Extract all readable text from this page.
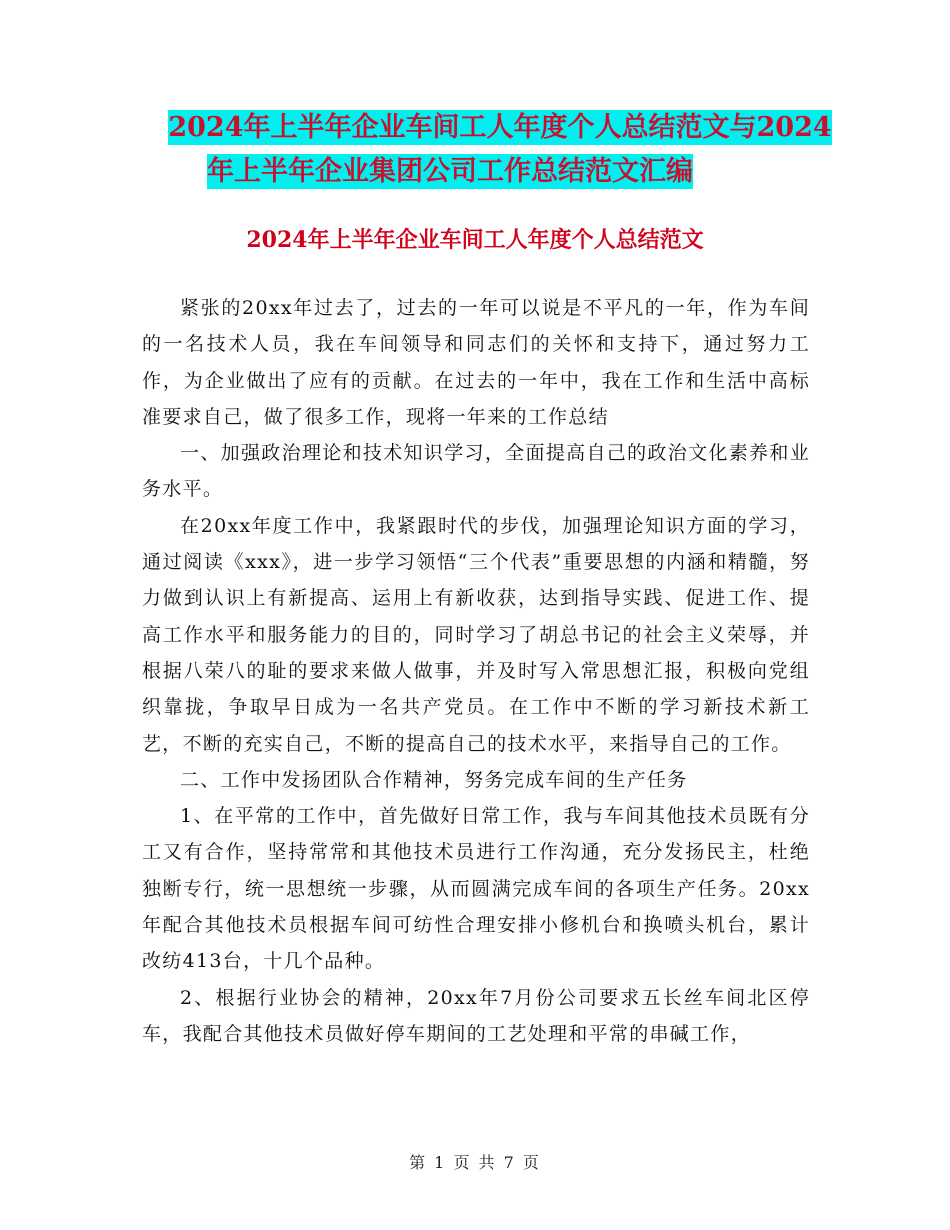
2024年上半年企业车间工人年度个人总结范文与2024
年上半年企业集团公司工作总结范文汇编
2024年上半年企业车间工人年度个人总结范文

紧张的20xx年过去了，过去的一年可以说是不平凡的一年，作为车间的一名技术人员，我在车间领导和同志们的关怀和支持下，通过努力工作，为企业做出了应有的贡献。在过去的一年中，我在工作和生活中高标准要求自己，做了很多工作，现将一年来的工作总结

一、加强政治理论和技术知识学习，全面提高自己的政治文化素养和业务水平。

在20xx年度工作中，我紧跟时代的步伐，加强理论知识方面的学习，通过阅读《xxx》，进一步学习领悟“三个代表”重要思想的内涵和精髓，努力做到认识上有新提高、运用上有新收获，达到指导实践、促进工作、提高工作水平和服务能力的目的，同时学习了胡总书记的社会主义荣辱，并根据八荣八的耻的要求来做人做事，并及时写入常思想汇报，积极向党组织靠拢，争取早日成为一名共产党员。在工作中不断的学习新技术新工艺，不断的充实自己，不断的提高自己的技术水平，来指导自己的工作。

二、工作中发扬团队合作精神，努务完成车间的生产任务

1、在平常的工作中，首先做好日常工作，我与车间其他技术员既有分工又有合作，坚持常常和其他技术员进行工作沟通，充分发扬民主，杜绝独断专行，统一思想统一步骤，从而圆满完成车间的各项生产任务。20xx年配合其他技术员根据车间可纺性合理安排小修机台和换喷头机台，累计改纺413台，十几个品种。

2、根据行业协会的精神，20xx年7月份公司要求五长丝车间北区停车，我配合其他技术员做好停车期间的工艺处理和平常的串碱工作，

第 1 页 共 7 页
